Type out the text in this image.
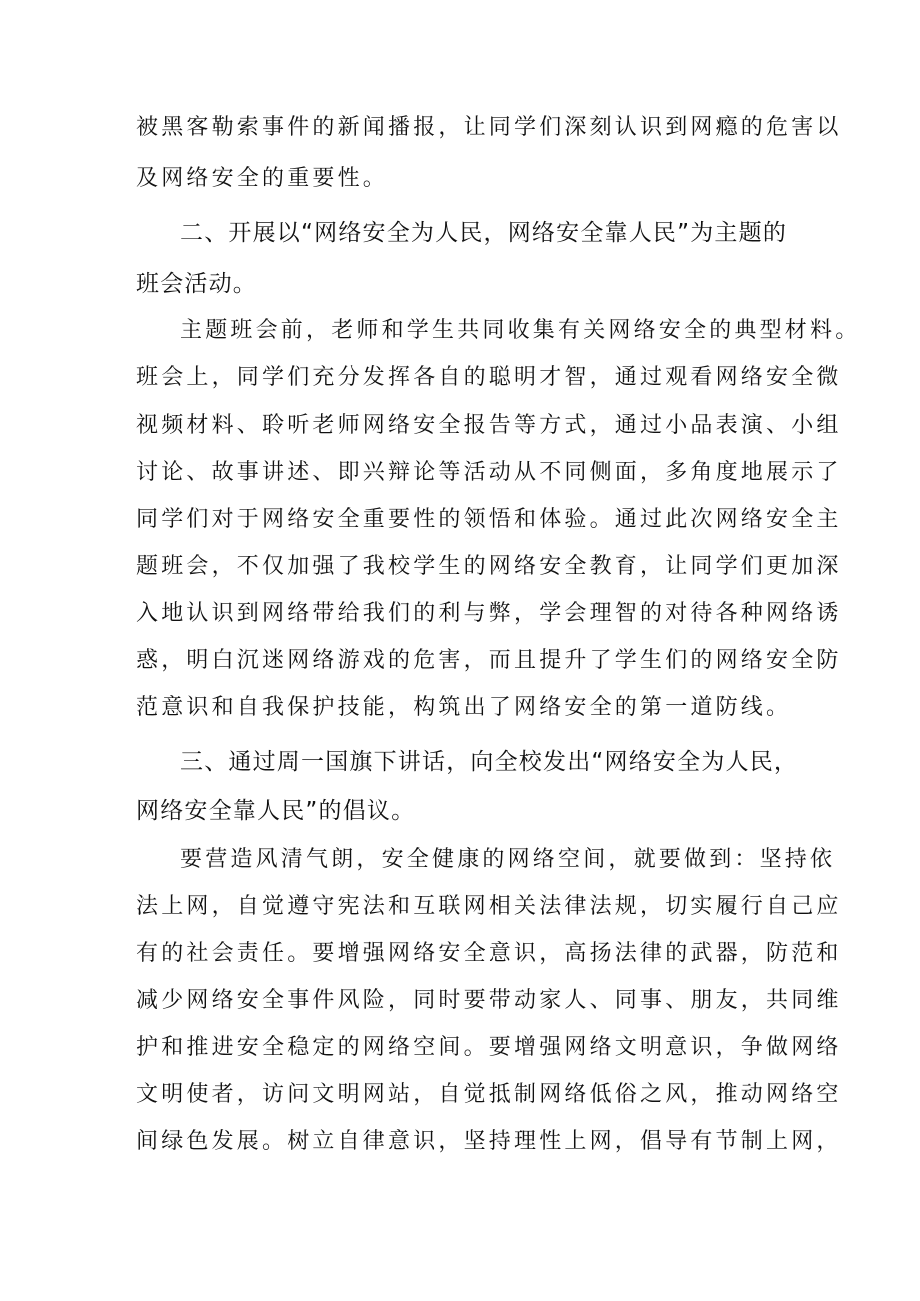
被黑客勒索事件的新闻播报，让同学们深刻认识到网瘾的危害以
及网络安全的重要性。
二、开展以“网络安全为人民，网络安全靠人民”为主题的
班会活动。
主题班会前，老师和学生共同收集有关网络安全的典型材料。
班会上，同学们充分发挥各自的聪明才智，通过观看网络安全微
视频材料、聆听老师网络安全报告等方式，通过小品表演、小组
讨论、故事讲述、即兴辩论等活动从不同侧面，多角度地展示了
同学们对于网络安全重要性的领悟和体验。通过此次网络安全主
题班会，不仅加强了我校学生的网络安全教育，让同学们更加深
入地认识到网络带给我们的利与弊，学会理智的对待各种网络诱
惑，明白沉迷网络游戏的危害，而且提升了学生们的网络安全防
范意识和自我保护技能，构筑出了网络安全的第一道防线。
三、通过周一国旗下讲话，向全校发出“网络安全为人民，
网络安全靠人民”的倡议。
要营造风清气朗，安全健康的网络空间，就要做到：坚持依
法上网，自觉遵守宪法和互联网相关法律法规，切实履行自己应
有的社会责任。要增强网络安全意识，高扬法律的武器，防范和
减少网络安全事件风险，同时要带动家人、同事、朋友，共同维
护和推进安全稳定的网络空间。要增强网络文明意识，争做网络
文明使者，访问文明网站，自觉抵制网络低俗之风，推动网络空
间绿色发展。树立自律意识，坚持理性上网，倡导有节制上网，
